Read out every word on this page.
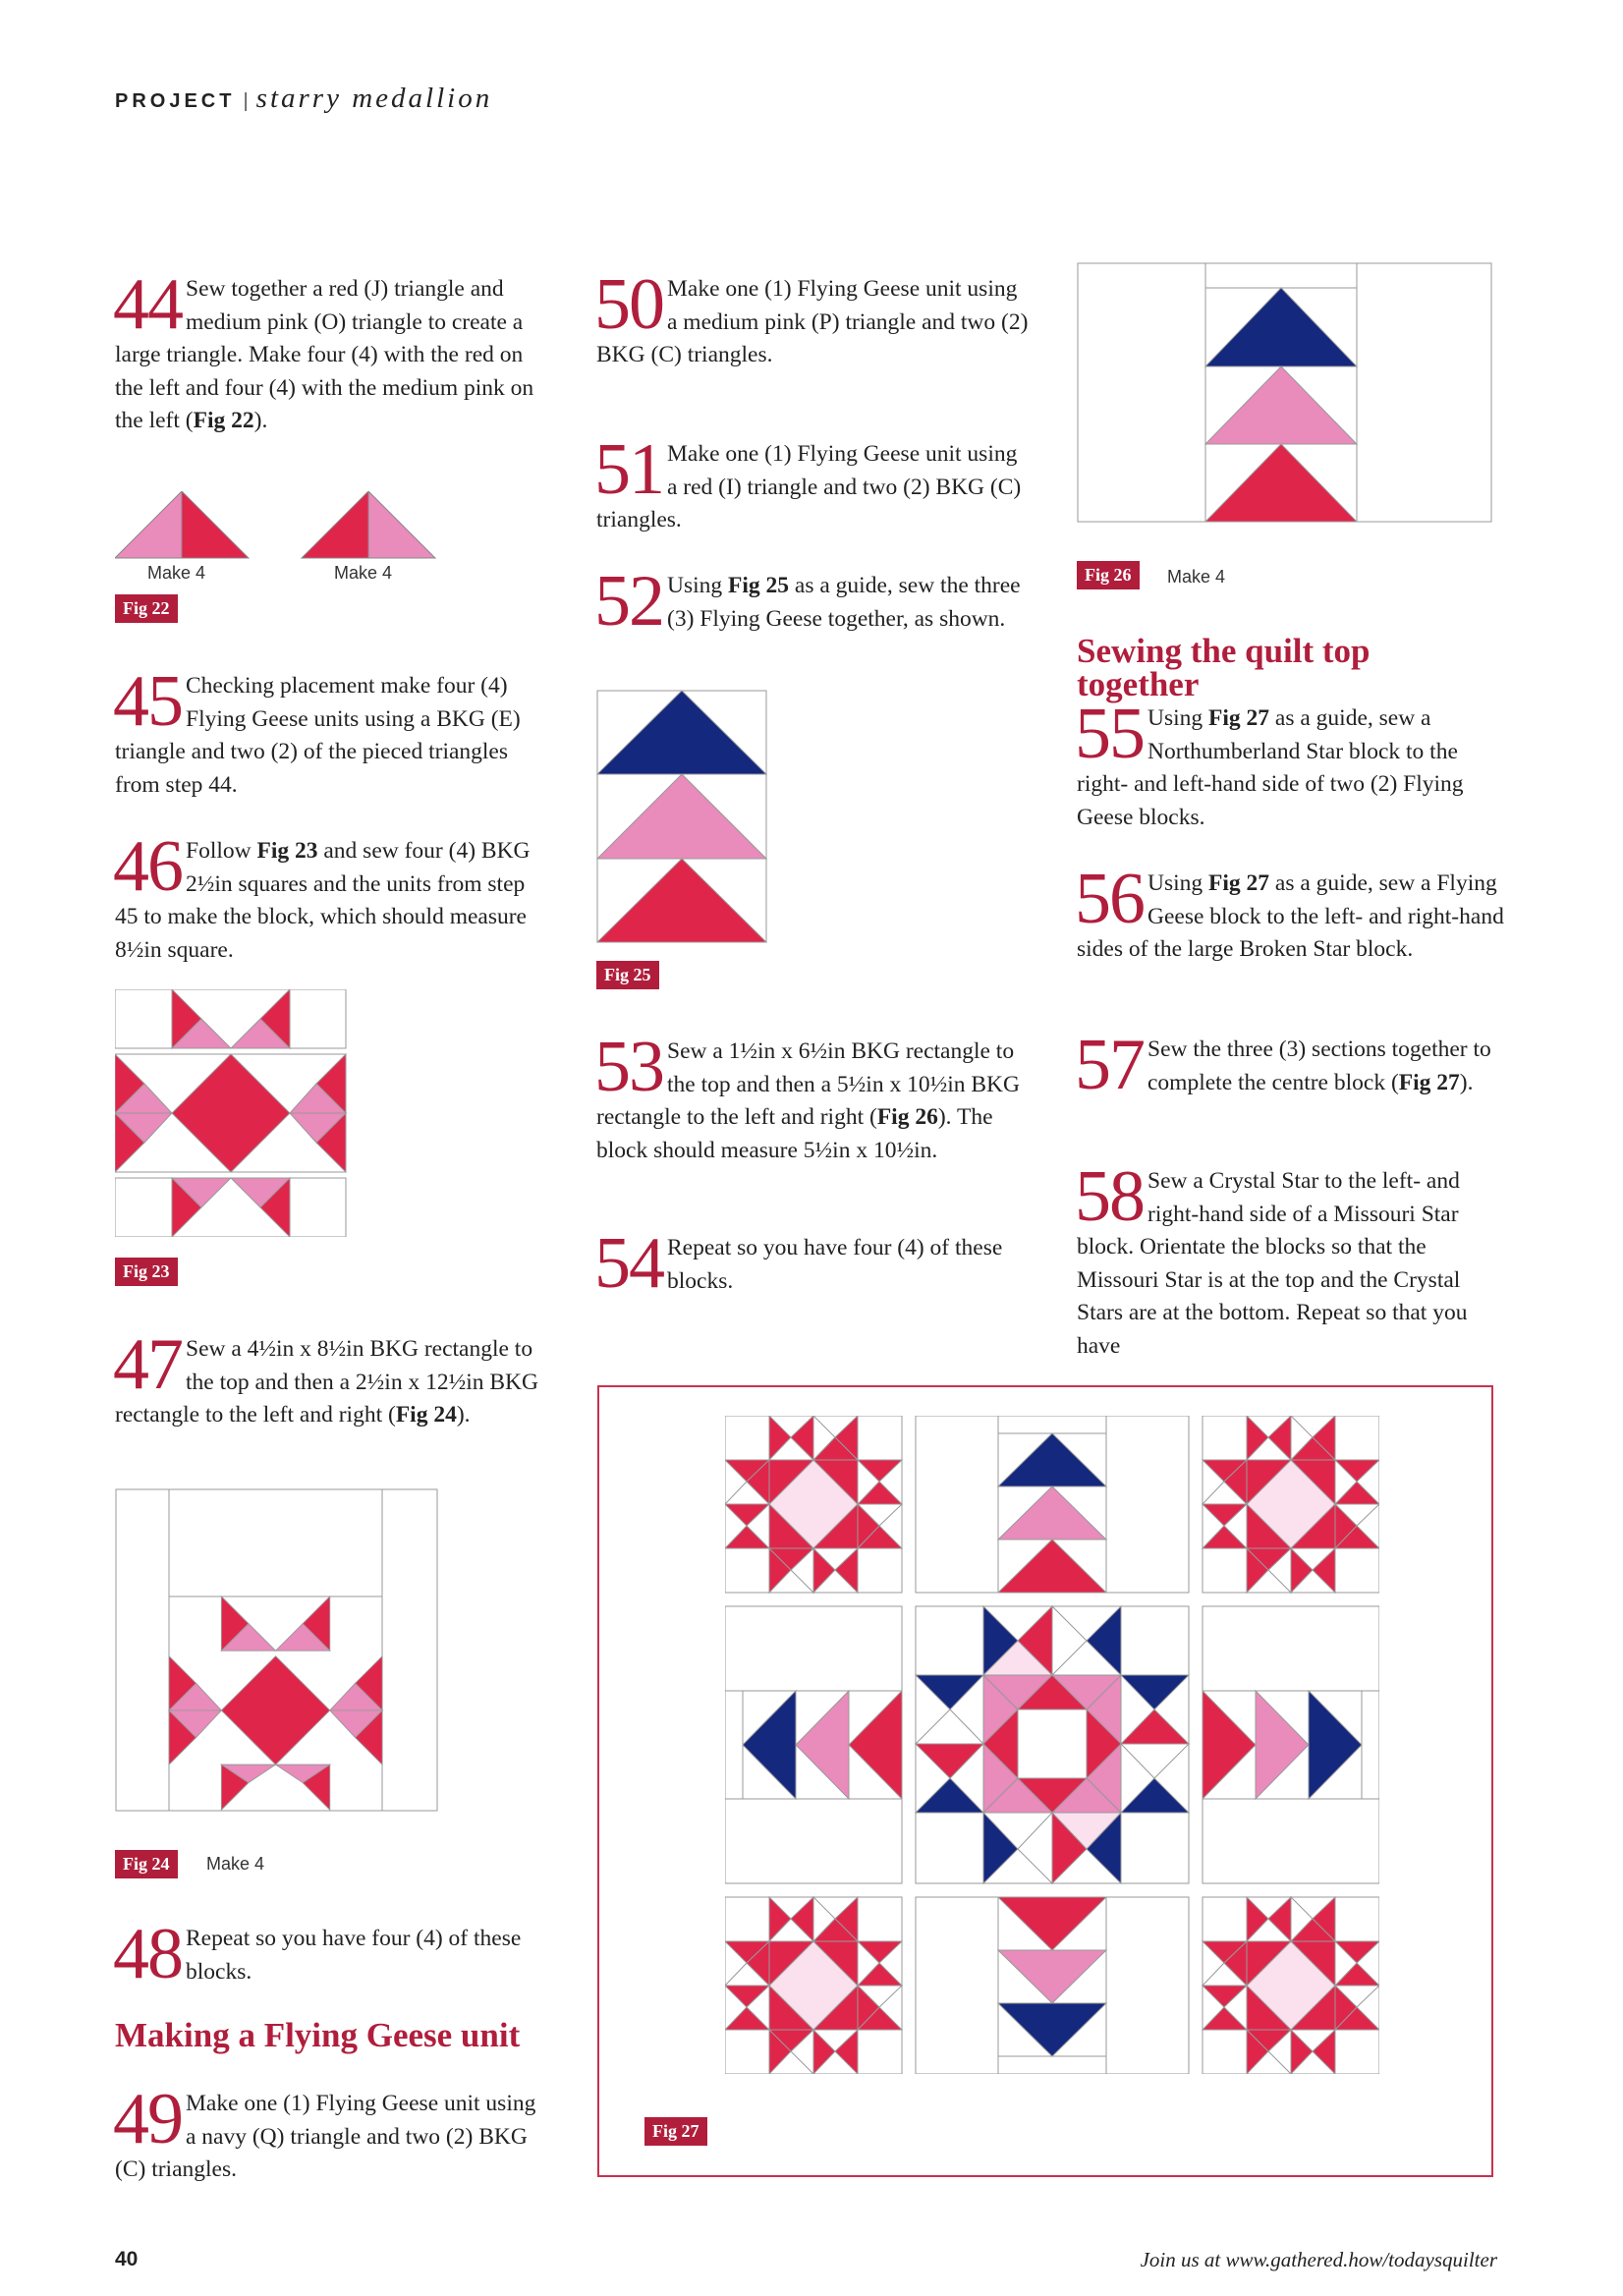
PROJECT | starry medallion
44 Sew together a red (J) triangle and medium pink (O) triangle to create a large triangle. Make four (4) with the red on the left and four (4) with the medium pink on the left (Fig 22).
Make 4	Make 4
Fig 22
45 Checking placement make four (4) Flying Geese units using a BKG (E) triangle and two (2) of the pieced triangles from step 44.
46 Follow Fig 23 and sew four (4) BKG 2½in squares and the units from step 45 to make the block, which should measure 8½in square.
Fig 23
47 Sew a 4½in x 8½in BKG rectangle to the top and then a 2½in x 12½in BKG rectangle to the left and right (Fig 24).
Fig 24	Make 4
48 Repeat so you have four (4) of these blocks.
Making a Flying Geese unit
49 Make one (1) Flying Geese unit using a navy (Q) triangle and two (2) BKG (C) triangles.
50 Make one (1) Flying Geese unit using a medium pink (P) triangle and two (2) BKG (C) triangles.
51 Make one (1) Flying Geese unit using a red (I) triangle and two (2) BKG (C) triangles.
52 Using Fig 25 as a guide, sew the three (3) Flying Geese together, as shown.
Fig 25
53 Sew a 1½in x 6½in BKG rectangle to the top and then a 5½in x 10½in BKG rectangle to the left and right (Fig 26). The block should measure 5½in x 10½in.
54 Repeat so you have four (4) of these blocks.
Fig 26	Make 4
Sewing the quilt top together
55 Using Fig 27 as a guide, sew a Northumberland Star block to the right- and left-hand side of two (2) Flying Geese blocks.
56 Using Fig 27 as a guide, sew a Flying Geese block to the left- and right-hand sides of the large Broken Star block.
57 Sew the three (3) sections together to complete the centre block (Fig 27).
58 Sew a Crystal Star to the left- and right-hand side of a Missouri Star block. Orientate the blocks so that the Missouri Star is at the top and the Crystal Stars are at the bottom. Repeat so that you have
Fig 27
40	Join us at www.gathered.how/todaysquilter
